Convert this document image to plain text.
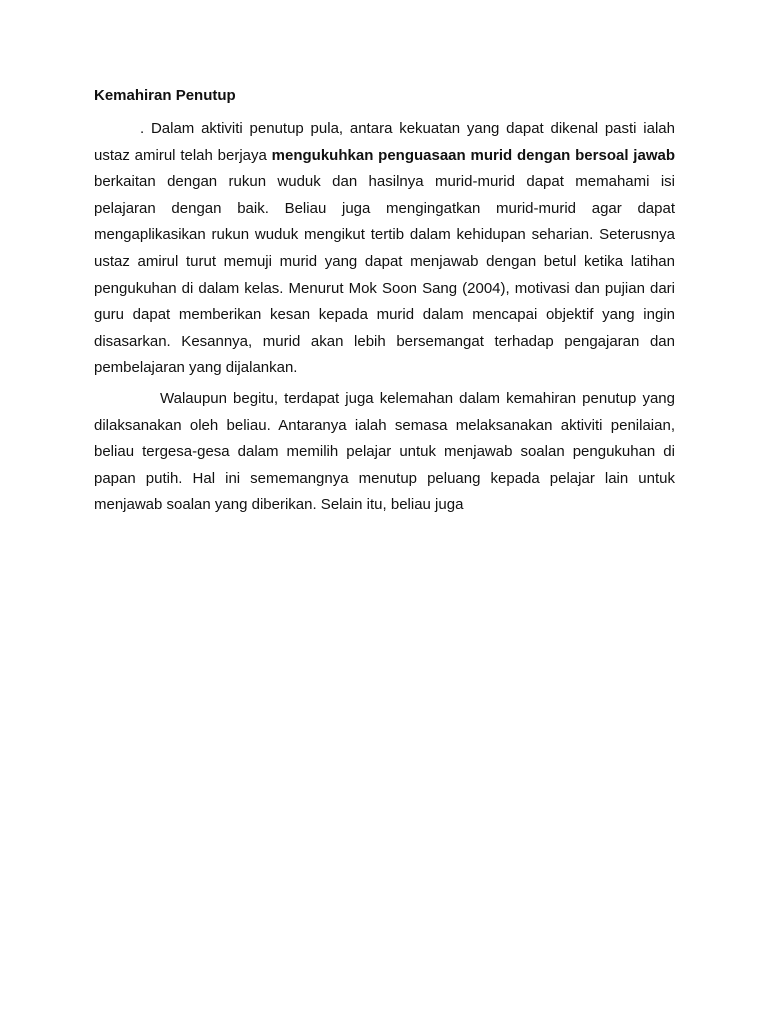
Kemahiran Penutup

. Dalam aktiviti penutup pula, antara kekuatan yang dapat dikenal pasti ialah ustaz amirul telah berjaya mengukuhkan penguasaan murid dengan bersoal jawab berkaitan dengan rukun wuduk dan hasilnya murid-murid dapat memahami isi pelajaran dengan baik. Beliau juga mengingatkan murid-murid agar dapat mengaplikasikan rukun wuduk mengikut tertib dalam kehidupan seharian. Seterusnya ustaz amirul turut memuji murid yang dapat menjawab dengan betul ketika latihan pengukuhan di dalam kelas. Menurut Mok Soon Sang (2004), motivasi dan pujian dari guru dapat memberikan kesan kepada murid dalam mencapai objektif yang ingin disasarkan. Kesannya, murid akan lebih bersemangat terhadap pengajaran dan pembelajaran yang dijalankan.

Walaupun begitu, terdapat juga kelemahan dalam kemahiran penutup yang dilaksanakan oleh beliau. Antaranya ialah semasa melaksanakan aktiviti penilaian, beliau tergesa-gesa dalam memilih pelajar untuk menjawab soalan pengukuhan di papan putih. Hal ini sememangnya menutup peluang kepada pelajar lain untuk menjawab soalan yang diberikan. Selain itu, beliau juga
